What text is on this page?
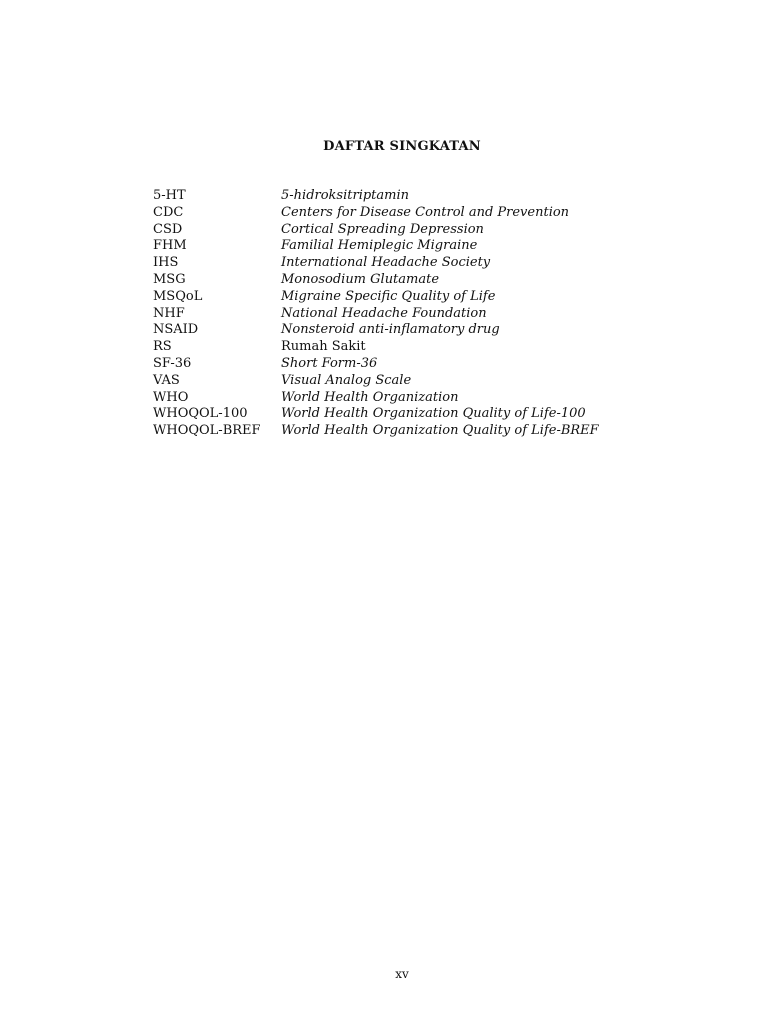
DAFTAR SINGKATAN
5-HT	5-hidroksitriptamin
CDC	Centers for Disease Control and Prevention
CSD	Cortical Spreading Depression
FHM	Familial Hemiplegic Migraine
IHS	International Headache Society
MSG	Monosodium Glutamate
MSQoL	Migraine Specific Quality of Life
NHF	National Headache Foundation
NSAID	Nonsteroid anti-inflamatory drug
RS	Rumah Sakit
SF-36	Short Form-36
VAS	Visual Analog Scale
WHO	World Health Organization
WHOQOL-100	World Health Organization Quality of Life-100
WHOQOL-BREF	World Health Organization Quality of Life-BREF
xv
